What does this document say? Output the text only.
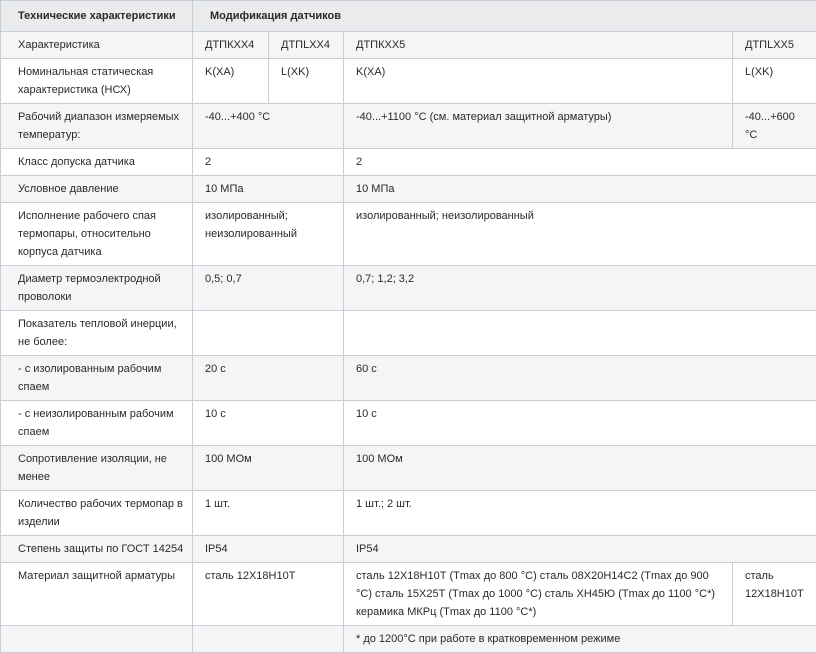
Технические характеристики	Модификация датчиков			
Характеристика	ДТПКХХ4	ДТПLXX4	ДТПКХХ5	ДТПLXX5
Номинальная статическая характеристика (НСХ)	K(XA)	L(XK)	K(XA)	L(XK)
Рабочий диапазон измеряемых температур:	-40...+400 °C		-40...+1100 °C (см. материал защитной арматуры)	-40...+600 °C
Класс допуска датчика	2		2	
Условное давление	10 МПа		10 МПа	
Исполнение рабочего спая термопары, относительно корпуса датчика	изолированный; неизолированный		изолированный; неизолированный	
Диаметр термоэлектродной проволоки	0,5; 0,7		0,7; 1,2; 3,2	
Показатель тепловой инерции, не более:				
- с изолированным рабочим спаем	20 с		60 с	
- с неизолированным рабочим спаем	10 с		10 с	
Сопротивление изоляции, не менее	100 МОм		100 МОм	
Количество рабочих термопар в изделии	1 шт.		1 шт.; 2 шт.	
Степень защиты по ГОСТ 14254	IP54		IP54	
Материал защитной арматуры	сталь 12Х18Н10Т		сталь 12Х18Н10Т (Tmax до 800 °C) сталь 08Х20Н14С2 (Tmax до 900 °C) сталь 15Х25Т (Tmax до 1000 °C) сталь ХН45Ю (Tmax до 1100 °C*) керамика МКРц (Tmax до 1100 °C*)	сталь 12Х18Н10Т
			* до 1200°C при работе в кратковременном режиме	
